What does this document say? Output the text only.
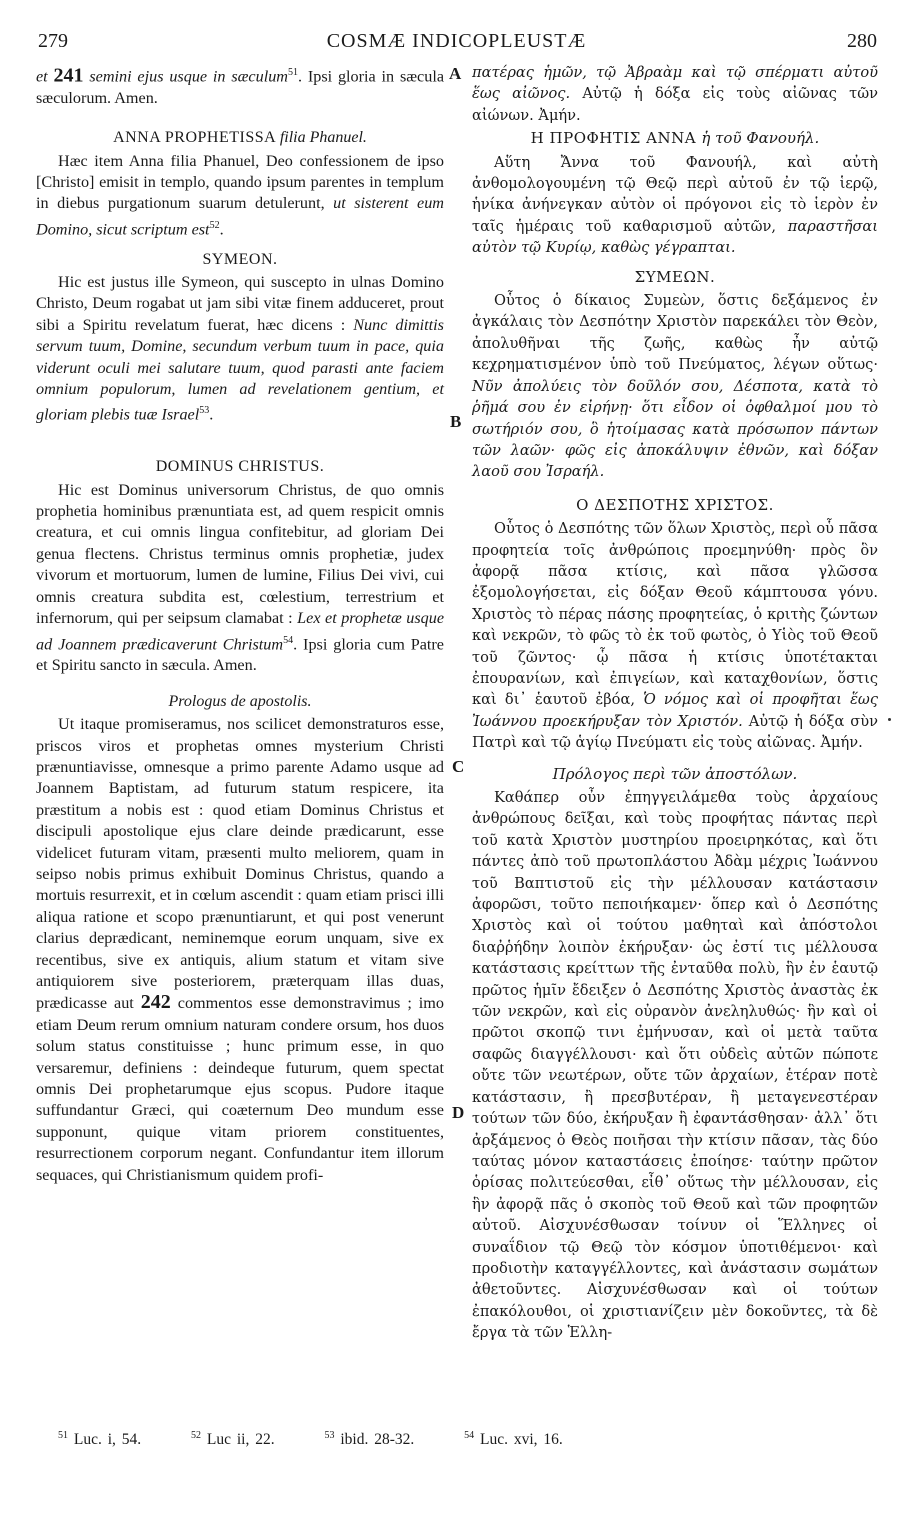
279	COSMÆ INDICOPLEUSTÆ	280
A
B
C
D

et 241 semini ejus usque in sæculum$^{51}$. Ipsi gloria in sæcula sæculorum. Amen.

ANNA PROPHETISSA filia Phanuel.

Hæc item Anna filia Phanuel, Deo confessionem de ipso [Christo] emisit in templo, quando ipsum parentes in templum in diebus purgationum suarum detulerunt, ut sisterent eum Domino, sicut scriptum est$^{52}$.

SYMEON.

Hic est justus ille Symeon, qui suscepto in ulnas Domino Christo, Deum rogabat ut jam sibi vitæ finem adduceret, prout sibi a Spiritu revelatum fuerat, hæc dicens : Nunc dimittis servum tuum, Domine, secundum verbum tuum in pace, quia viderunt oculi mei salutare tuum, quod parasti ante faciem omnium populorum, lumen ad revelationem gentium, et gloriam plebis tuæ Israel$^{53}$.

DOMINUS CHRISTUS.

Hic est Dominus universorum Christus, de quo omnis prophetia hominibus prænuntiata est, ad quem respicit omnis creatura, et cui omnis lingua confitebitur, ad gloriam Dei genua flectens. Christus terminus omnis prophetiæ, judex vivorum et mortuorum, lumen de lumine, Filius Dei vivi, cui omnis creatura subdita est, cœlestium, terrestrium et infernorum, qui per seipsum clamabat : Lex et prophetæ usque ad Joannem prædicaverunt Christum$^{54}$. Ipsi gloria cum Patre et Spiritu sancto in sæcula. Amen.

Prologus de apostolis.

Ut itaque promiseramus, nos scilicet demonstraturos esse, priscos viros et prophetas omnes mysterium Christi prænuntiavisse, omnesque a primo parente Adamo usque ad Joannem Baptistam, ad futurum statum respicere, ita præstitum a nobis est : quod etiam Dominus Christus et discipuli apostolique ejus clare deinde prædicarunt, esse videlicet futuram vitam, præsenti multo meliorem, quam in seipso nobis primus exhibuit Dominus Christus, quando a mortuis resurrexit, et in cœlum ascendit : quam etiam prisci illi aliqua ratione et scopo prænuntiarunt, et qui post venerunt clarius deprædicant, neminemque eorum unquam, sive ex recentibus, sive ex antiquis, alium statum et vitam sive antiquiorem sive posteriorem, præterquam illas duas, prædicasse aut 242 commentos esse demonstravimus ; imo etiam Deum rerum omnium naturam condere orsum, hos duos solum status constituisse ; hunc primum esse, in quo versaremur, definiens : deindeque futurum, quem spectat omnis Dei prophetarumque ejus scopus. Pudore itaque suffundantur Græci, qui coæternum Deo mundum esse supponunt, quique vitam priorem constituentes, resurrectionem corporum negant. Confundantur item illorum sequaces, qui Christianismum quidem profi-

πατέρας ἡμῶν, τῷ Ἀβραὰμ καὶ τῷ σπέρματι αὐτοῦ ἕως αἰῶνος. Αὐτῷ ἡ δόξα εἰς τοὺς αἰῶνας τῶν αἰώνων. Ἀμήν.

Η ΠΡΟΦΗΤΙΣ ΑΝΝΑ ἡ τοῦ Φανουήλ.

Αὕτη Ἄννα τοῦ Φανουήλ, καὶ αὐτὴ ἀνθομολογουμένη τῷ Θεῷ περὶ αὐτοῦ ἐν τῷ ἱερῷ, ἡνίκα ἀνήνεγκαν αὐτὸν οἱ πρόγονοι εἰς τὸ ἱερὸν ἐν ταῖς ἡμέραις τοῦ καθαρισμοῦ αὐτῶν, παραστῆσαι αὐτὸν τῷ Κυρίῳ, καθὼς γέγραπται.

ΣΥΜΕΩΝ.

Οὗτος ὁ δίκαιος Συμεὼν, ὅστις δεξάμενος ἐν ἀγκάλαις τὸν Δεσπότην Χριστὸν παρεκάλει τὸν Θεὸν, ἀπολυθῆναι τῆς ζωῆς, καθὼς ἦν αὐτῷ κεχρηματισμένον ὑπὸ τοῦ Πνεύματος, λέγων οὕτως· Νῦν ἀπολύεις τὸν δοῦλόν σου, Δέσποτα, κατὰ τὸ ῥῆμά σου ἐν εἰρήνῃ· ὅτι εἶδον οἱ ὀφθαλμοί μου τὸ σωτήριόν σου, ὃ ἡτοίμασας κατὰ πρόσωπον πάντων τῶν λαῶν· φῶς εἰς ἀποκάλυψιν ἐθνῶν, καὶ δόξαν λαοῦ σου Ἰσραήλ.

Ο ΔΕΣΠΟΤΗΣ ΧΡΙΣΤΟΣ.

Οὗτος ὁ Δεσπότης τῶν ὅλων Χριστὸς, περὶ οὗ πᾶσα προφητεία τοῖς ἀνθρώποις προεμηνύθη· πρὸς ὃν ἀφορᾷ πᾶσα κτίσις, καὶ πᾶσα γλῶσσα ἐξομολογήσεται, εἰς δόξαν Θεοῦ κάμπτουσα γόνυ. Χριστὸς τὸ πέρας πάσης προφητείας, ὁ κριτὴς ζώντων καὶ νεκρῶν, τὸ φῶς τὸ ἐκ τοῦ φωτὸς, ὁ Υἱὸς τοῦ Θεοῦ τοῦ ζῶντος· ᾧ πᾶσα ἡ κτίσις ὑποτέτακται ἐπουρανίων, καὶ ἐπιγείων, καὶ καταχθονίων, ὅστις καὶ δι᾽ ἑαυτοῦ ἐβόα, Ὁ νόμος καὶ οἱ προφῆται ἕως Ἰωάννου προεκήρυξαν τὸν Χριστόν. Αὐτῷ ἡ δόξα σὺν Πατρὶ καὶ τῷ ἁγίῳ Πνεύματι εἰς τοὺς αἰῶνας. Ἀμήν.

Πρόλογος περὶ τῶν ἀποστόλων.

Καθάπερ οὖν ἐπηγγειλάμεθα τοὺς ἀρχαίους ἀνθρώπους δεῖξαι, καὶ τοὺς προφήτας πάντας περὶ τοῦ κατὰ Χριστὸν μυστηρίου προειρηκότας, καὶ ὅτι πάντες ἀπὸ τοῦ πρωτοπλάστου Ἀδὰμ μέχρις Ἰωάννου τοῦ Βαπτιστοῦ εἰς τὴν μέλλουσαν κατάστασιν ἀφορῶσι, τοῦτο πεποιήκαμεν· ὅπερ καὶ ὁ Δεσπότης Χριστὸς καὶ οἱ τούτου μαθηταὶ καὶ ἀπόστολοι διαῤῥήδην λοιπὸν ἐκήρυξαν· ὡς ἐστί τις μέλλουσα κατάστασις κρείττων τῆς ἐνταῦθα πολὺ, ἣν ἐν ἑαυτῷ πρῶτος ἡμῖν ἔδειξεν ὁ Δεσπότης Χριστὸς ἀναστὰς ἐκ τῶν νεκρῶν, καὶ εἰς οὐρανὸν ἀνεληλυθώς· ἣν καὶ οἱ πρῶτοι σκοπῷ τινι ἐμήνυσαν, καὶ οἱ μετὰ ταῦτα σαφῶς διαγγέλλουσι· καὶ ὅτι οὐδεὶς αὐτῶν πώποτε οὔτε τῶν νεωτέρων, οὔτε τῶν ἀρχαίων, ἑτέραν ποτὲ κατάστασιν, ἢ πρεσβυτέραν, ἢ μεταγενεστέραν τούτων τῶν δύο, ἐκήρυξαν ἢ ἐφαντάσθησαν· ἀλλ᾽ ὅτι ἀρξάμενος ὁ Θεὸς ποιῆσαι τὴν κτίσιν πᾶσαν, τὰς δύο ταύτας μόνον καταστάσεις ἐποίησε· ταύτην πρῶτον ὁρίσας πολιτεύεσθαι, εἶθ᾽ οὕτως τὴν μέλλουσαν, εἰς ἣν ἀφορᾷ πᾶς ὁ σκοπὸς τοῦ Θεοῦ καὶ τῶν προφητῶν αὐτοῦ. Αἰσχυνέσθωσαν τοίνυν οἱ Ἕλληνες οἱ συναΐδιον τῷ Θεῷ τὸν κόσμον ὑποτιθέμενοι· καὶ προδιοτὴν καταγγέλλοντες, καὶ ἀνάστασιν σωμάτων ἀθετοῦντες. Αἰσχυνέσθωσαν καὶ οἱ τούτων ἐπακόλουθοι, οἱ χριστιανίζειν μὲν δοκοῦντες, τὰ δὲ ἔργα τὰ τῶν Ἑλλη-

$^{51}$ Luc. i, 54.	$^{52}$ Luc ii, 22.	$^{53}$ ibid. 28-32.	$^{54}$ Luc. xvi, 16.
